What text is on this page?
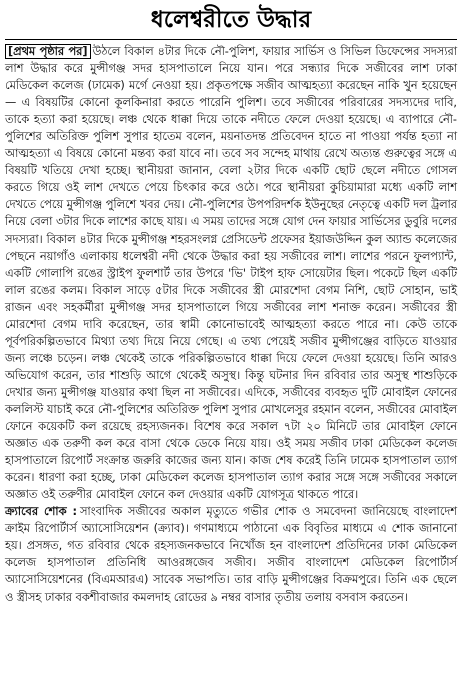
ধলেশ্বরীতে উদ্ধার

[প্রথম পৃষ্ঠার পর] উঠলে বিকাল ৪টার দিকে নৌ-পুলিশ, ফায়ার সার্ভিস ও সিভিল ডিফেন্সের সদস্যরা লাশ উদ্ধার করে মুন্সীগঞ্জ সদর হাসপাতালে নিয়ে যান। পরে সন্ধ্যার দিকে সজীবের লাশ ঢাকা মেডিকেল কলেজ (ঢামেক) মর্গে নেওয়া হয়। প্রকৃতপক্ষে সজীব আত্মহত্যা করেছেন নাকি খুন হয়েছেন— এ বিষয়টির কোনো কূলকিনারা করতে পারেনি পুলিশ। তবে সজীবের পরিবারের সদস্যদের দাবি, তাকে হত্যা করা হয়েছে। লঞ্চ থেকে ধাক্কা দিয়ে তাকে নদীতে ফেলে দেওয়া হয়েছে। এ ব্যাপারে নৌ-পুলিশের অতিরিক্ত পুলিশ সুপার হাতেম বলেন, ময়নাতদন্ত প্রতিবেদন হাতে না পাওয়া পর্যন্ত হত্যা না আত্মহত্যা এ বিষয়ে কোনো মন্তব্য করা যাবে না। তবে সব সন্দেহ মাথায় রেখে অত্যন্ত গুরুত্বের সঙ্গে এ বিষয়টি খতিয়ে দেখা হচ্ছে। স্থানীয়রা জানান, বেলা ২টার দিকে একটি ছোট ছেলে নদীতে গোসল করতে গিয়ে ওই লাশ দেখতে পেয়ে চিৎকার করে ওঠে। পরে স্থানীয়রা কুচিয়ামারা মধ্যে একটি লাশ দেখতে পেয়ে মুন্সীগঞ্জ পুলিশে খবর দেয়। নৌ-পুলিশের উপপরিদর্শক ইউনুছের নেতৃত্বে একটি দল ট্রলার নিয়ে বেলা ৩টার দিকে লাশের কাছে যায়। এ সময় তাদের সঙ্গে যোগ দেন ফায়ার সার্ভিসের ডুবুরি দলের সদস্যরা। বিকাল ৪টার দিকে মুন্সীগঞ্জ শহরসংলগ্ন প্রেসিডেন্ট প্রফেসর ইয়াজউদ্দিন কুল অ্যান্ড কলেজের পেছনে নয়াগাঁও এলাকায় ধলেশ্বরী নদী থেকে উদ্ধার করা হয় সজীবের লাশ। লাশের পরনে ফুলপ্যান্ট, একটি গোলাপি রঙের স্ট্রাইপ ফুলশার্ট তার উপরে 'ভি' টাইপ হাফ সোয়েটার ছিল। পকেটে ছিল একটি লাল রঙের কলম। বিকাল সাড়ে ৫টার দিকে সজীবের স্ত্রী মোরশেদা বেগম নিশি, ছোট সোহান, ভাই রাজন এবং সহকর্মীরা মুন্সীগঞ্জ সদর হাসপাতালে গিয়ে সজীবের লাশ শনাক্ত করেন। সজীবের স্ত্রী মোরশেদা বেগম দাবি করেছেন, তার স্বামী কোনোভাবেই আত্মহত্যা করতে পারে না। কেউ তাকে পূর্বপরিকল্পিতভাবে মিথ্যা তথ্য দিয়ে নিয়ে গেছে। এ তথ্য পেয়েই সজীব মুন্সীগঞ্জের বাড়িতে যাওয়ার জন্য লঞ্চে চড়েন। লঞ্চ থেকেই তাকে পরিকল্পিতভাবে ধাক্কা দিয়ে ফেলে দেওয়া হয়েছে। তিনি আরও অভিযোগ করেন, তার শাশুড়ি আগে থেকেই অসুস্থ। কিন্তু ঘটনার দিন রবিবার তার অসুস্থ শাশুড়িকে দেখার জন্য মুন্সীগঞ্জ যাওয়ার কথা ছিল না সজীবের। এদিকে, সজীবের ব্যবহৃত দুটি মোবাইল ফোনের কললিস্ট যাচাই করে নৌ-পুলিশের অতিরিক্ত পুলিশ সুপার মোখলেসুর রহমান বলেন, সজীবের মোবাইল ফোনে কয়েকটি কল রয়েছে রহস্যজনক। বিশেষ করে সকাল ৭টা ২০ মিনিটে তার মোবাইল ফোনে অজ্ঞাত এক তরুণী কল করে বাসা থেকে ডেকে নিয়ে যায়। ওই সময় সজীব ঢাকা মেডিকেল কলেজ হাসপাতালে রিপোর্ট সংক্রান্ত জরুরি কাজের জন্য যান। কাজ শেষ করেই তিনি ঢামেক হাসপাতাল ত্যাগ করেন। ধারণা করা হচ্ছে, ঢাকা মেডিকেল কলেজ হাসপাতাল ত্যাগ করার সঙ্গে সঙ্গে সজীবের সকালে অজ্ঞাত ওই তরুণীর মোবাইল ফোনে কল দেওয়ার একটি যোগসূত্র থাকতে পারে।

ক্র্যাবের শোক : সাংবাদিক সজীবের অকাল মৃত্যুতে গভীর শোক ও সমবেদনা জানিয়েছে বাংলাদেশ ক্রাইম রিপোর্টার্স অ্যাসোসিয়েশন (ক্র্যাব)। গণমাধ্যমে পাঠানো এক বিবৃতির মাধ্যমে এ শোক জানানো হয়। প্রসঙ্গত, গত রবিবার থেকে রহস্যজনকভাবে নিখোঁজ হন বাংলাদেশ প্রতিদিনের ঢাকা মেডিকেল কলেজ হাসপাতাল প্রতিনিধি আওরঙ্গজেব সজীব। সজীব বাংলাদেশ মেডিকেল রিপোর্টার্স অ্যাসোসিয়েশনের (বিএমআরএ) সাবেক সভাপতি। তার বাড়ি মুন্সীগঞ্জের বিক্রমপুরে। তিনি এক ছেলে ও স্ত্রীসহ ঢাকার বকশীবাজার কমলদাহ রোডের ৯ নম্বর বাসার তৃতীয় তলায় বসবাস করতেন।
